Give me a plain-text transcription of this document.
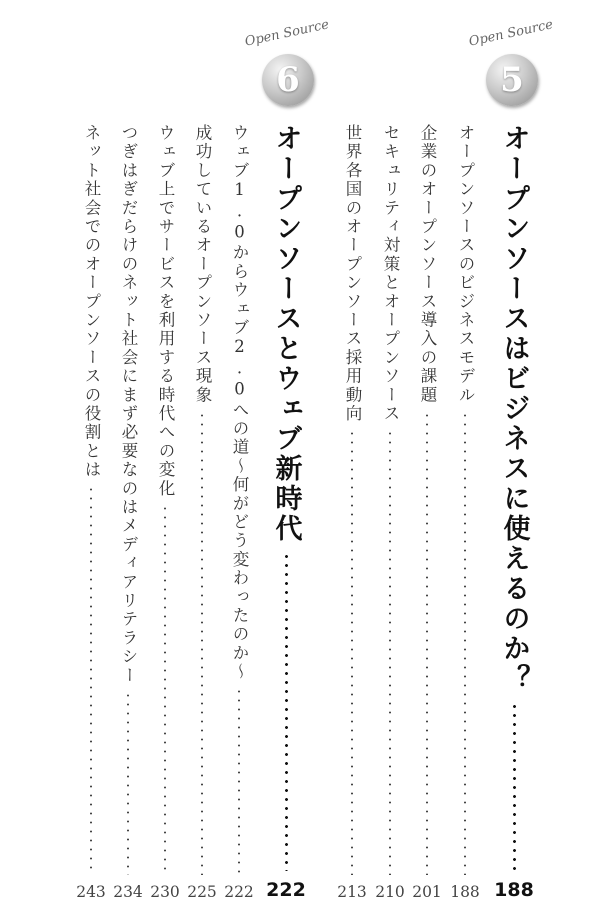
Open Source
5
Open Source
6
オープンソースはビジネスに使えるのか？
188
オープンソースのビジネスモデル
188
企業のオープンソース導入の課題
201
セキュリティ対策とオープンソース
210
世界各国のオープンソース採用動向
213
オープンソースとウェブ新時代
222
ウェブ1.0からウェブ2.0への道〜何がどう変わったのか〜
222
成功しているオープンソース現象
225
ウェブ上でサービスを利用する時代への変化
230
つぎはぎだらけのネット社会にまず必要なのはメディアリテラシー
234
ネット社会でのオープンソースの役割とは
243
